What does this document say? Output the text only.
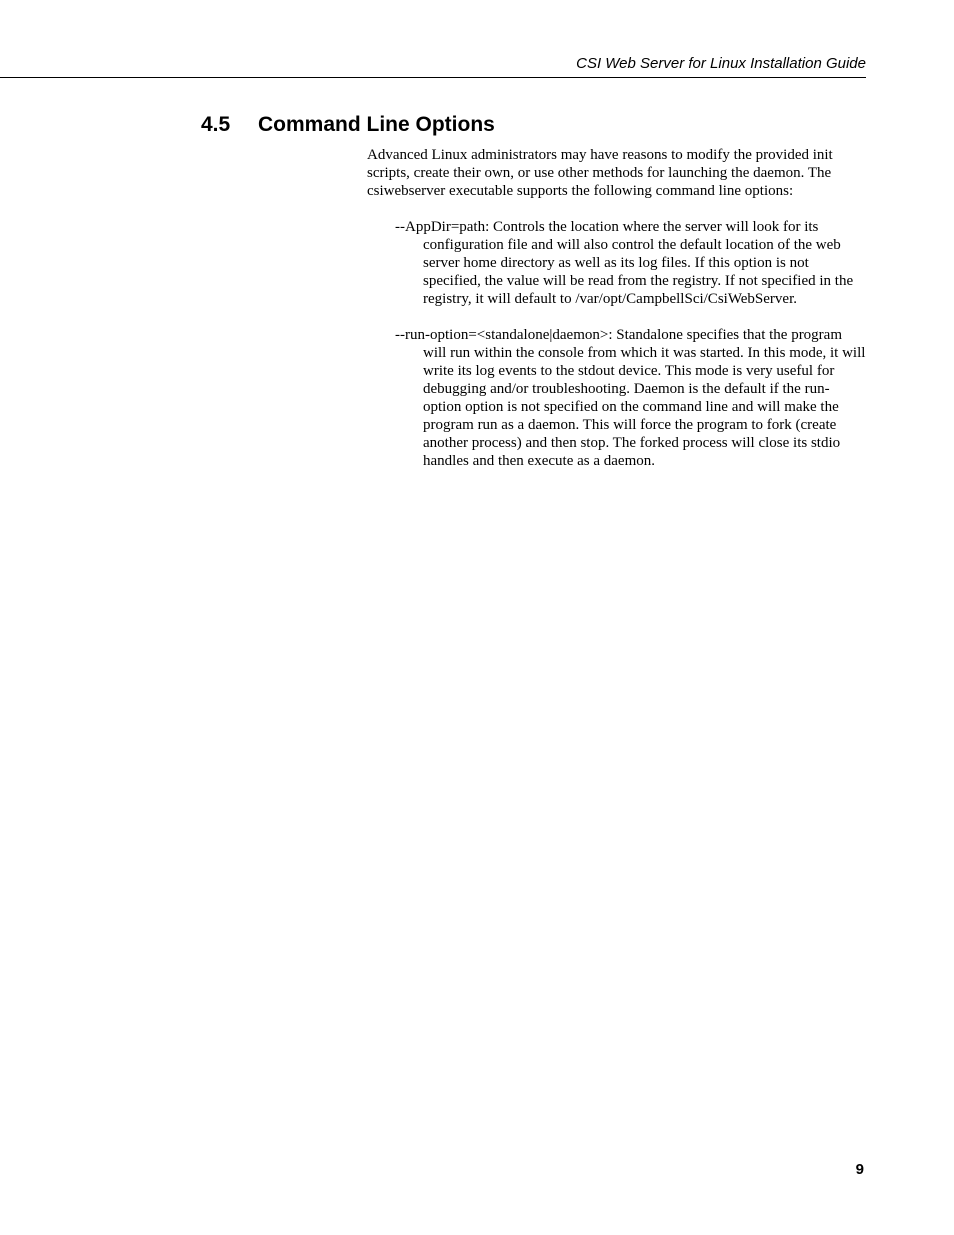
CSI Web Server for Linux Installation Guide
4.5 Command Line Options

Advanced Linux administrators may have reasons to modify the provided init scripts, create their own, or use other methods for launching the daemon. The csiwebserver executable supports the following command line options:

--AppDir=path: Controls the location where the server will look for its configuration file and will also control the default location of the web server home directory as well as its log files. If this option is not specified, the value will be read from the registry. If not specified in the registry, it will default to /var/opt/CampbellSci/CsiWebServer.

--run-option=<standalone|daemon>: Standalone specifies that the program will run within the console from which it was started. In this mode, it will write its log events to the stdout device. This mode is very useful for debugging and/or troubleshooting. Daemon is the default if the run-option option is not specified on the command line and will make the program run as a daemon. This will force the program to fork (create another process) and then stop. The forked process will close its stdio handles and then execute as a daemon.

9
